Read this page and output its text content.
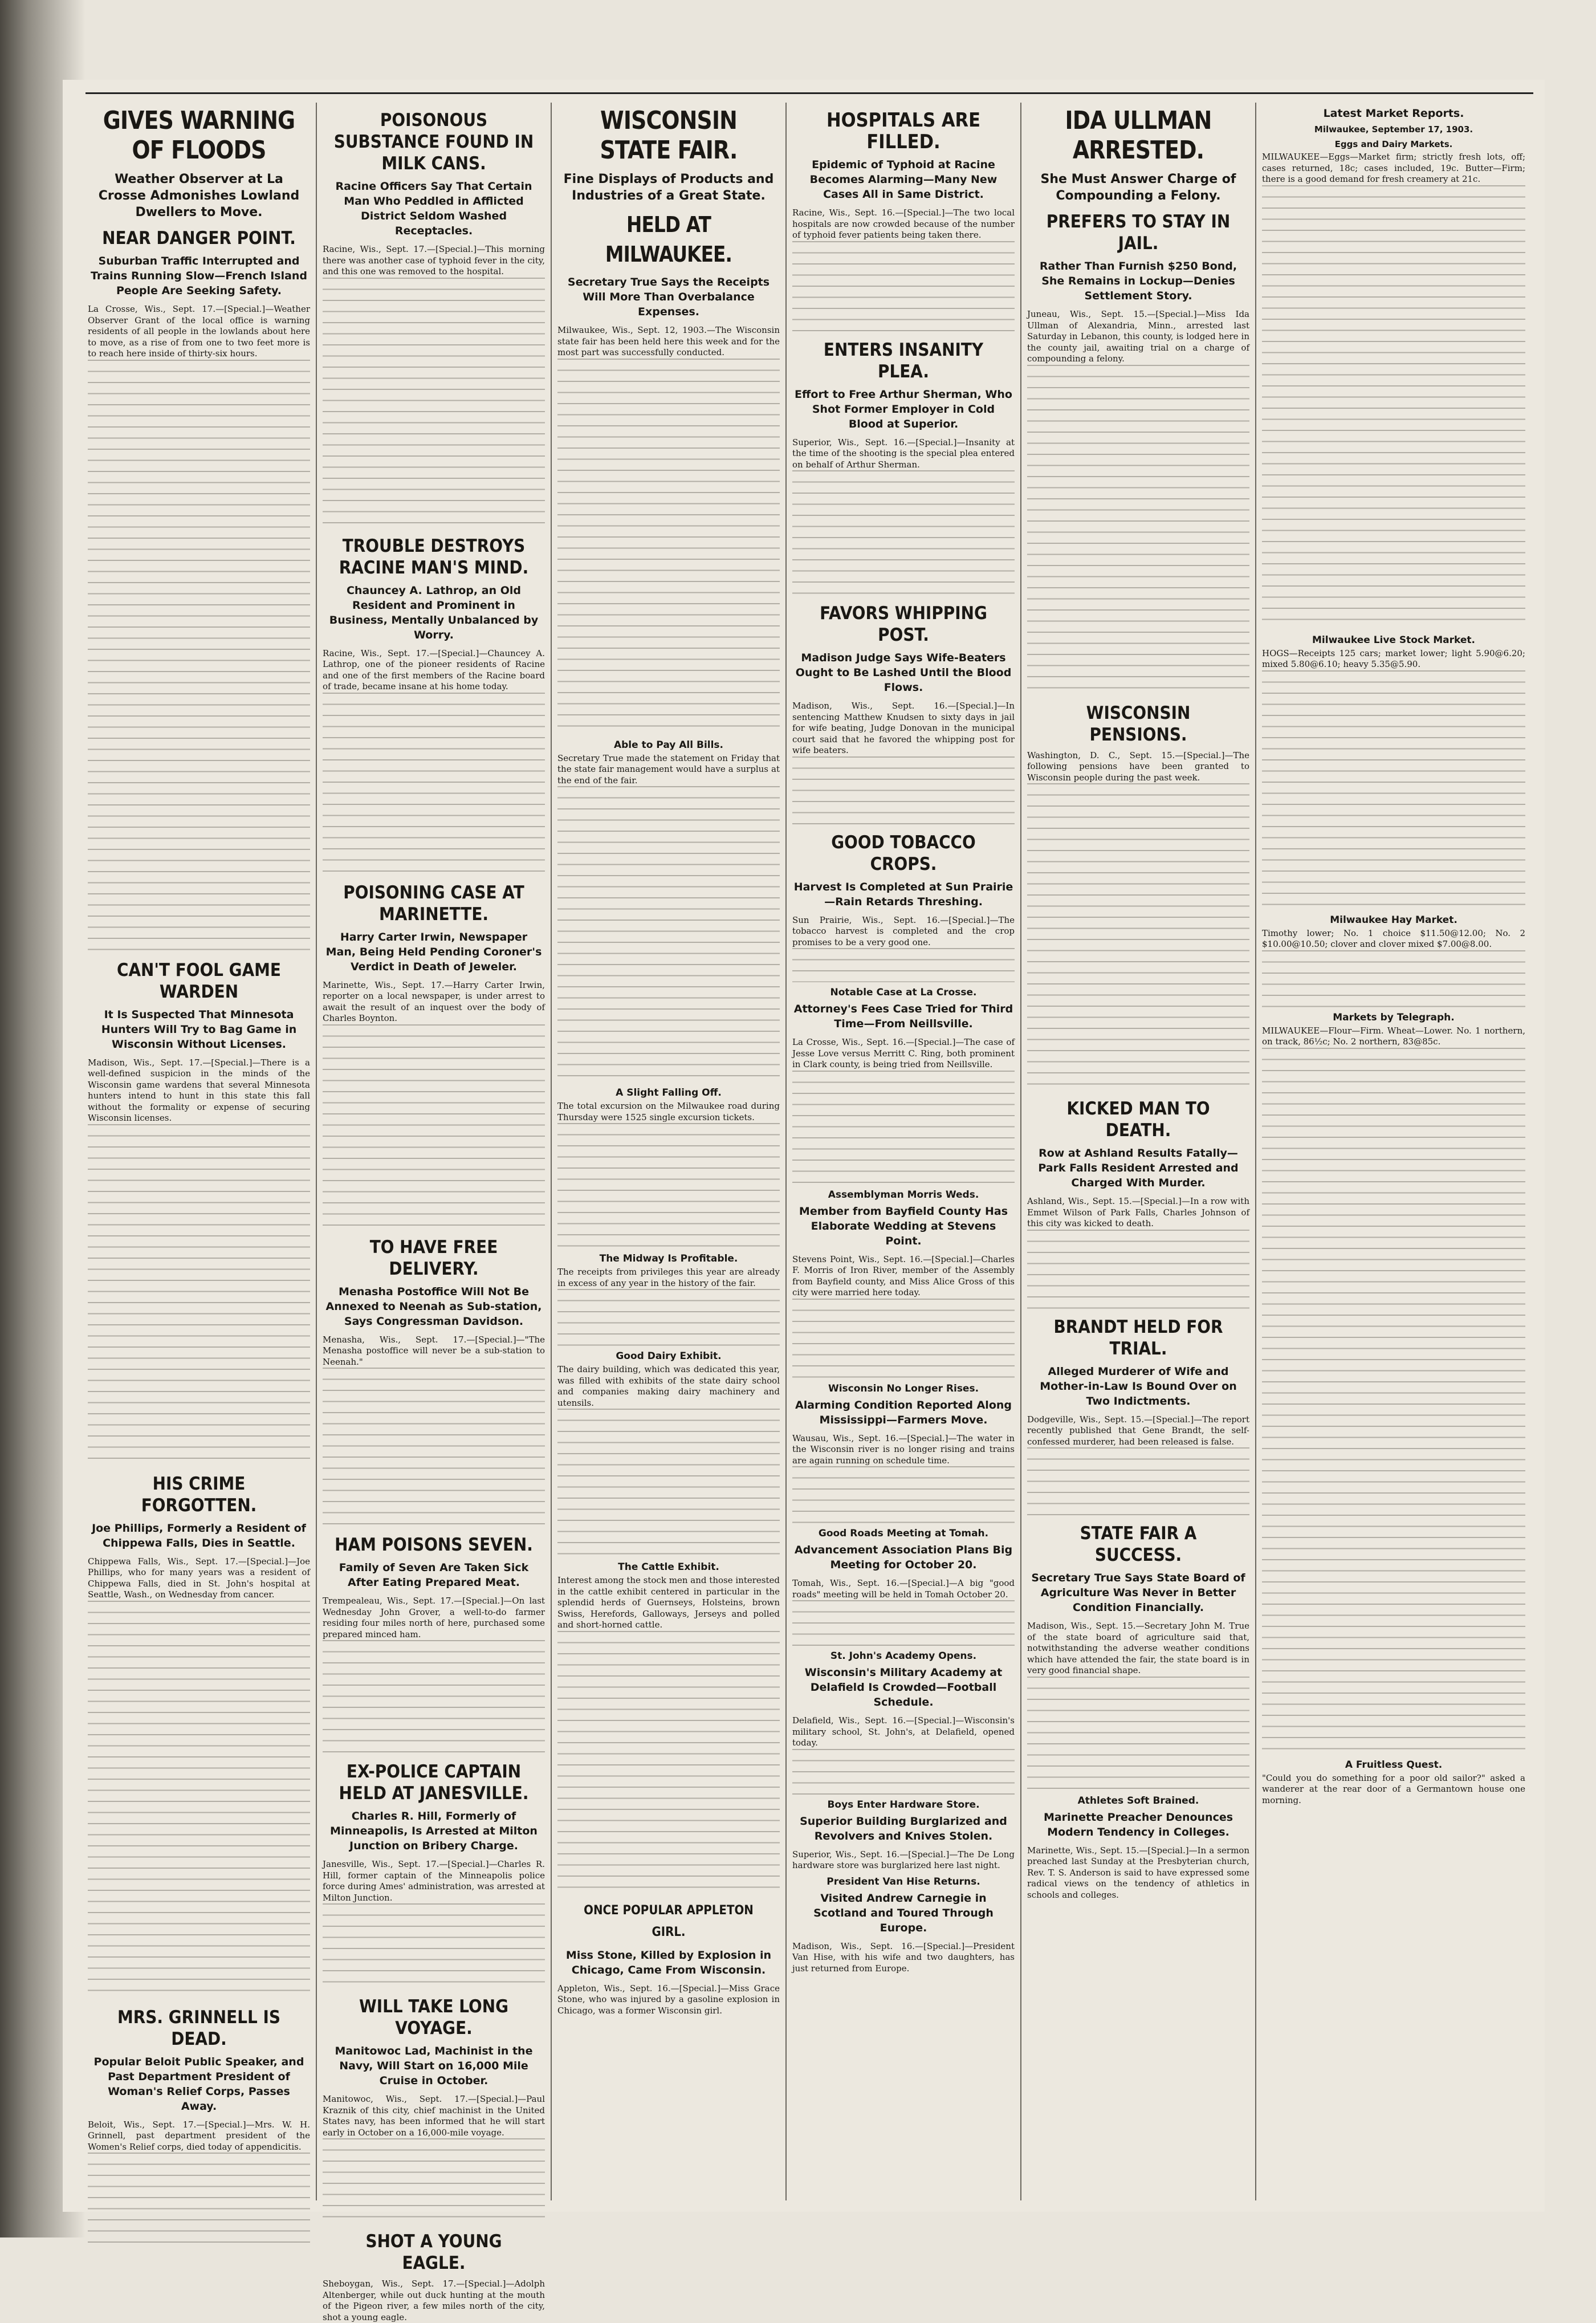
GIVES WARNING OF FLOODS
Weather Observer at La Crosse Admonishes Lowland Dwellers to Move.
NEAR DANGER POINT.
Suburban Traffic Interrupted and Trains Running Slow—French Island People Are Seeking Safety.
La Crosse, Wis., Sept. 17.—[Special.]—Weather Observer Grant of the local office is warning residents of all people in the lowlands about here to move, as a rise of from one to two feet more is to reach here inside of thirty-six hours.
CAN'T FOOL GAME WARDEN
It Is Suspected That Minnesota Hunters Will Try to Bag Game in Wisconsin Without Licenses.
Madison, Wis., Sept. 17.—[Special.]—There is a well-defined suspicion in the minds of the Wisconsin game wardens that several Minnesota hunters intend to hunt in this state this fall without the formality or expense of securing Wisconsin licenses.
HIS CRIME FORGOTTEN.
Joe Phillips, Formerly a Resident of Chippewa Falls, Dies in Seattle.
Chippewa Falls, Wis., Sept. 17.—[Special.]—Joe Phillips, who for many years was a resident of Chippewa Falls, died in St. John's hospital at Seattle, Wash., on Wednesday from cancer.
MRS. GRINNELL IS DEAD.
Popular Beloit Public Speaker, and Past Department President of Woman's Relief Corps, Passes Away.
Beloit, Wis., Sept. 17.—[Special.]—Mrs. W. H. Grinnell, past department president of the Women's Relief corps, died today of appendicitis.
POISONOUS SUBSTANCE FOUND IN MILK CANS.
Racine Officers Say That Certain Man Who Peddled in Afflicted District Seldom Washed Receptacles.
Racine, Wis., Sept. 17.—[Special.]—This morning there was another case of typhoid fever in the city, and this one was removed to the hospital.
TROUBLE DESTROYS RACINE MAN'S MIND.
Chauncey A. Lathrop, an Old Resident and Prominent in Business, Mentally Unbalanced by Worry.
Racine, Wis., Sept. 17.—[Special.]—Chauncey A. Lathrop, one of the pioneer residents of Racine and one of the first members of the Racine board of trade, became insane at his home today.
POISONING CASE AT MARINETTE.
Harry Carter Irwin, Newspaper Man, Being Held Pending Coroner's Verdict in Death of Jeweler.
Marinette, Wis., Sept. 17.—Harry Carter Irwin, reporter on a local newspaper, is under arrest to await the result of an inquest over the body of Charles Boynton.
TO HAVE FREE DELIVERY.
Menasha Postoffice Will Not Be Annexed to Neenah as Sub-station, Says Congressman Davidson.
Menasha, Wis., Sept. 17.—[Special.]—"The Menasha postoffice will never be a sub-station to Neenah."
HAM POISONS SEVEN.
Family of Seven Are Taken Sick After Eating Prepared Meat.
Trempealeau, Wis., Sept. 17.—[Special.]—On last Wednesday John Grover, a well-to-do farmer residing four miles north of here, purchased some prepared minced ham.
EX-POLICE CAPTAIN HELD AT JANESVILLE.
Charles R. Hill, Formerly of Minneapolis, Is Arrested at Milton Junction on Bribery Charge.
Janesville, Wis., Sept. 17.—[Special.]—Charles R. Hill, former captain of the Minneapolis police force during Ames' administration, was arrested at Milton Junction.
WILL TAKE LONG VOYAGE.
Manitowoc Lad, Machinist in the Navy, Will Start on 16,000 Mile Cruise in October.
Manitowoc, Wis., Sept. 17.—[Special.]—Paul Kraznik of this city, chief machinist in the United States navy, has been informed that he will start early in October on a 16,000-mile voyage.
SHOT A YOUNG EAGLE.
Sheboygan, Wis., Sept. 17.—[Special.]—Adolph Altenberger, while out duck hunting at the mouth of the Pigeon river, a few miles north of the city, shot a young eagle.
WISCONSIN STATE FAIR.
Fine Displays of Products and Industries of a Great State.
HELD AT MILWAUKEE.
Secretary True Says the Receipts Will More Than Overbalance Expenses.
Milwaukee, Wis., Sept. 12, 1903.—The Wisconsin state fair has been held here this week and for the most part was successfully conducted.
Able to Pay All Bills.
Secretary True made the statement on Friday that the state fair management would have a surplus at the end of the fair.
A Slight Falling Off.
The total excursion on the Milwaukee road during Thursday were 1525 single excursion tickets.
The Midway Is Profitable.
The receipts from privileges this year are already in excess of any year in the history of the fair.
Good Dairy Exhibit.
The dairy building, which was dedicated this year, was filled with exhibits of the state dairy school and companies making dairy machinery and utensils.
The Cattle Exhibit.
Interest among the stock men and those interested in the cattle exhibit centered in particular in the splendid herds of Guernseys, Holsteins, brown Swiss, Herefords, Galloways, Jerseys and polled and short-horned cattle.
ONCE POPULAR APPLETON GIRL.
Miss Stone, Killed by Explosion in Chicago, Came From Wisconsin.
Appleton, Wis., Sept. 16.—[Special.]—Miss Grace Stone, who was injured by a gasoline explosion in Chicago, was a former Wisconsin girl.
HOSPITALS ARE FILLED.
Epidemic of Typhoid at Racine Becomes Alarming—Many New Cases All in Same District.
Racine, Wis., Sept. 16.—[Special.]—The two local hospitals are now crowded because of the number of typhoid fever patients being taken there.
ENTERS INSANITY PLEA.
Effort to Free Arthur Sherman, Who Shot Former Employer in Cold Blood at Superior.
Superior, Wis., Sept. 16.—[Special.]—Insanity at the time of the shooting is the special plea entered on behalf of Arthur Sherman.
FAVORS WHIPPING POST.
Madison Judge Says Wife-Beaters Ought to Be Lashed Until the Blood Flows.
Madison, Wis., Sept. 16.—[Special.]—In sentencing Matthew Knudsen to sixty days in jail for wife beating, Judge Donovan in the municipal court said that he favored the whipping post for wife beaters.
GOOD TOBACCO CROPS.
Harvest Is Completed at Sun Prairie—Rain Retards Threshing.
Sun Prairie, Wis., Sept. 16.—[Special.]—The tobacco harvest is completed and the crop promises to be a very good one.
Notable Case at La Crosse.
Attorney's Fees Case Tried for Third Time—From Neillsville.
La Crosse, Wis., Sept. 16.—[Special.]—The case of Jesse Love versus Merritt C. Ring, both prominent in Clark county, is being tried from Neillsville.
Assemblyman Morris Weds.
Member from Bayfield County Has Elaborate Wedding at Stevens Point.
Stevens Point, Wis., Sept. 16.—[Special.]—Charles F. Morris of Iron River, member of the Assembly from Bayfield county, and Miss Alice Gross of this city were married here today.
Wisconsin No Longer Rises.
Alarming Condition Reported Along Mississippi—Farmers Move.
Wausau, Wis., Sept. 16.—[Special.]—The water in the Wisconsin river is no longer rising and trains are again running on schedule time.
Good Roads Meeting at Tomah.
Advancement Association Plans Big Meeting for October 20.
Tomah, Wis., Sept. 16.—[Special.]—A big "good roads" meeting will be held in Tomah October 20.
St. John's Academy Opens.
Wisconsin's Military Academy at Delafield Is Crowded—Football Schedule.
Delafield, Wis., Sept. 16.—[Special.]—Wisconsin's military school, St. John's, at Delafield, opened today.
Boys Enter Hardware Store.
Superior Building Burglarized and Revolvers and Knives Stolen.
Superior, Wis., Sept. 16.—[Special.]—The De Long hardware store was burglarized here last night.
President Van Hise Returns.
Visited Andrew Carnegie in Scotland and Toured Through Europe.
Madison, Wis., Sept. 16.—[Special.]—President Van Hise, with his wife and two daughters, has just returned from Europe.
IDA ULLMAN ARRESTED.
She Must Answer Charge of Compounding a Felony.
PREFERS TO STAY IN JAIL.
Rather Than Furnish $250 Bond, She Remains in Lockup—Denies Settlement Story.
Juneau, Wis., Sept. 15.—[Special.]—Miss Ida Ullman of Alexandria, Minn., arrested last Saturday in Lebanon, this county, is lodged here in the county jail, awaiting trial on a charge of compounding a felony.
WISCONSIN PENSIONS.
Washington, D. C., Sept. 15.—[Special.]—The following pensions have been granted to Wisconsin people during the past week.
KICKED MAN TO DEATH.
Row at Ashland Results Fatally—Park Falls Resident Arrested and Charged With Murder.
Ashland, Wis., Sept. 15.—[Special.]—In a row with Emmet Wilson of Park Falls, Charles Johnson of this city was kicked to death.
BRANDT HELD FOR TRIAL.
Alleged Murderer of Wife and Mother-in-Law Is Bound Over on Two Indictments.
Dodgeville, Wis., Sept. 15.—[Special.]—The report recently published that Gene Brandt, the self-confessed murderer, had been released is false.
STATE FAIR A SUCCESS.
Secretary True Says State Board of Agriculture Was Never in Better Condition Financially.
Madison, Wis., Sept. 15.—Secretary John M. True of the state board of agriculture said that, notwithstanding the adverse weather conditions which have attended the fair, the state board is in very good financial shape.
Athletes Soft Brained.
Marinette Preacher Denounces Modern Tendency in Colleges.
Marinette, Wis., Sept. 15.—[Special.]—In a sermon preached last Sunday at the Presbyterian church, Rev. T. S. Anderson is said to have expressed some radical views on the tendency of athletics in schools and colleges.
Latest Market Reports.
Milwaukee, September 17, 1903.
Eggs and Dairy Markets.
MILWAUKEE—Eggs—Market firm; strictly fresh lots, off; cases returned, 18c; cases included, 19c. Butter—Firm; there is a good demand for fresh creamery at 21c.
Milwaukee Live Stock Market.
HOGS—Receipts 125 cars; market lower; light 5.90@6.20; mixed 5.80@6.10; heavy 5.35@5.90.
Milwaukee Hay Market.
Timothy lower; No. 1 choice $11.50@12.00; No. 2 $10.00@10.50; clover and clover mixed $7.00@8.00.
Markets by Telegraph.
MILWAUKEE—Flour—Firm. Wheat—Lower. No. 1 northern, on track, 86½c; No. 2 northern, 83@85c.
A Fruitless Quest.
"Could you do something for a poor old sailor?" asked a wanderer at the rear door of a Germantown house one morning.
